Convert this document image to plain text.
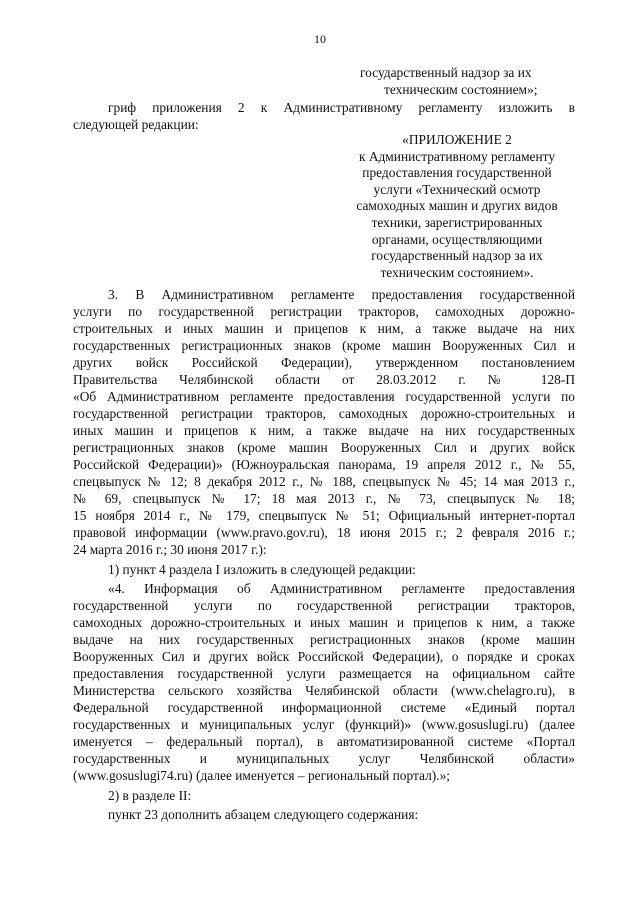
10
государственный надзор за их
техническим состоянием»;
гриф приложения 2 к Административному регламенту изложить в
следующей редакции:
«ПРИЛОЖЕНИЕ 2
к Административному регламенту
предоставления государственной
услуги «Технический осмотр
самоходных машин и других видов
техники, зарегистрированных
органами, осуществляющими
государственный надзор за их
техническим состоянием».
3. В Административном регламенте предоставления государственной
услуги по государственной регистрации тракторов, самоходных дорожно-
строительных и иных машин и прицепов к ним, а также выдаче на них
государственных регистрационных знаков (кроме машин Вооруженных Сил и
других войск Российской Федерации), утвержденном постановлением
Правительства Челябинской области от 28.03.2012 г. № 128-П
«Об Административном регламенте предоставления государственной услуги по
государственной регистрации тракторов, самоходных дорожно-строительных и
иных машин и прицепов к ним, а также выдаче на них государственных
регистрационных знаков (кроме машин Вооруженных Сил и других войск
Российской Федерации)» (Южноуральская панорама, 19 апреля 2012 г., № 55,
спецвыпуск № 12; 8 декабря 2012 г., № 188, спецвыпуск № 45; 14 мая 2013 г.,
№ 69, спецвыпуск № 17; 18 мая 2013 г., № 73, спецвыпуск № 18;
15 ноября 2014 г., № 179, спецвыпуск № 51; Официальный интернет-портал
правовой информации (www.pravo.gov.ru), 18 июня 2015 г.; 2 февраля 2016 г.;
24 марта 2016 г.; 30 июня 2017 г.):
1) пункт 4 раздела I изложить в следующей редакции:
«4. Информация об Административном регламенте предоставления
государственной услуги по государственной регистрации тракторов,
самоходных дорожно-строительных и иных машин и прицепов к ним, а также
выдаче на них государственных регистрационных знаков (кроме машин
Вооруженных Сил и других войск Российской Федерации), о порядке и сроках
предоставления государственной услуги размещается на официальном сайте
Министерства сельского хозяйства Челябинской области (www.chelagro.ru), в
Федеральной государственной информационной системе «Единый портал
государственных и муниципальных услуг (функций)» (www.gosuslugi.ru) (далее
именуется – федеральный портал), в автоматизированной системе «Портал
государственных и муниципальных услуг Челябинской области»
(www.gosuslugi74.ru) (далее именуется – региональный портал).»;
2) в разделе II:
пункт 23 дополнить абзацем следующего содержания:
